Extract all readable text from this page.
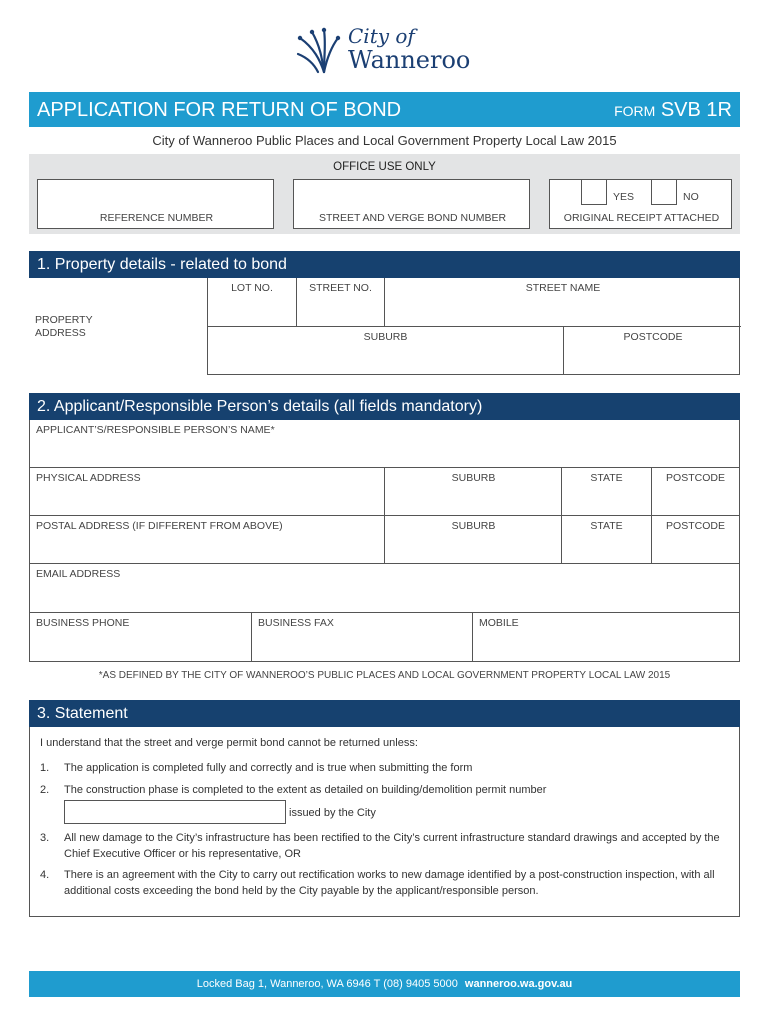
City of
Wanneroo
APPLICATION FOR RETURN OF BOND	FORM SVB 1R
City of Wanneroo Public Places and Local Government Property Local Law 2015
OFFICE USE ONLY
REFERENCE NUMBER	STREET AND VERGE BOND NUMBER
YES	NO
ORIGINAL RECEIPT ATTACHED
1. Property details - related to bond
PROPERTY
ADDRESS
LOT NO.	STREET NO.	STREET NAME
SUBURB	POSTCODE
2. Applicant/Responsible Person’s details (all fields mandatory)
APPLICANT’S/RESPONSIBLE PERSON’S NAME*
PHYSICAL ADDRESS	SUBURB	STATE	POSTCODE
POSTAL ADDRESS (IF DIFFERENT FROM ABOVE)	SUBURB	STATE	POSTCODE
EMAIL ADDRESS
BUSINESS PHONE	BUSINESS FAX	MOBILE
*AS DEFINED BY THE CITY OF WANNEROO’S PUBLIC PLACES AND LOCAL GOVERNMENT PROPERTY LOCAL LAW 2015
3. Statement
I understand that the street and verge permit bond cannot be returned unless:
1. The application is completed fully and correctly and is true when submitting the form
2. The construction phase is completed to the extent as detailed on building/demolition permit number
issued by the City
3. All new damage to the City’s infrastructure has been rectified to the City’s current infrastructure standard drawings and accepted by the Chief Executive Officer or his representative, OR
4. There is an agreement with the City to carry out rectification works to new damage identified by a post-construction inspection, with all additional costs exceeding the bond held by the City payable by the applicant/responsible person.
Locked Bag 1, Wanneroo, WA 6946 T (08) 9405 5000 wanneroo.wa.gov.au
